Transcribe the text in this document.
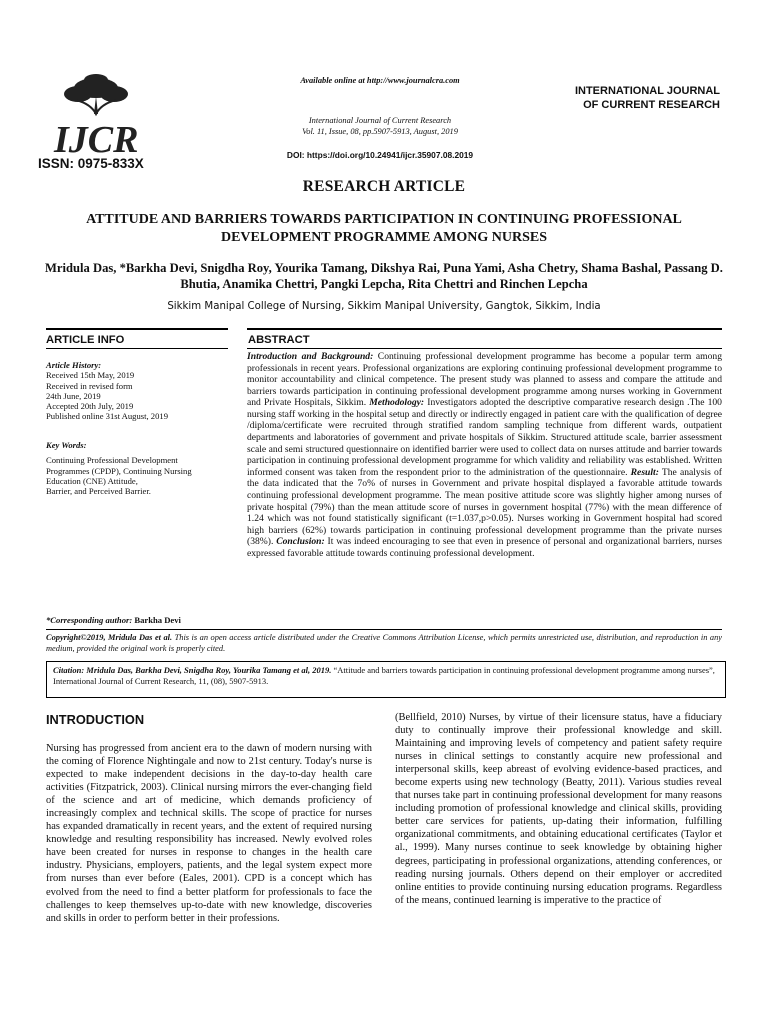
IJCR
ISSN: 0975-833X
Available online at http://www.journalcra.com
International Journal of Current Research
Vol. 11, Issue, 08, pp.5907-5913, August, 2019
DOI: https://doi.org/10.24941/ijcr.35907.08.2019
INTERNATIONAL JOURNAL
OF CURRENT RESEARCH
RESEARCH ARTICLE
ATTITUDE AND BARRIERS TOWARDS PARTICIPATION IN CONTINUING PROFESSIONAL DEVELOPMENT PROGRAMME AMONG NURSES
Mridula Das, *Barkha Devi, Snigdha Roy, Yourika Tamang, Dikshya Rai, Puna Yami, Asha Chetry, Shama Bashal, Passang D. Bhutia, Anamika Chettri, Pangki Lepcha, Rita Chettri and Rinchen Lepcha
Sikkim Manipal College of Nursing, Sikkim Manipal University, Gangtok, Sikkim, India
ARTICLE INFO	ABSTRACT
Article History:
Received 15th May, 2019
Received in revised form
24th June, 2019
Accepted 20th July, 2019
Published online 31st August, 2019
Key Words:
Continuing Professional Development
Programmes (CPDP), Continuing Nursing
Education (CNE) Attitude,
Barrier, and Perceived Barrier.
*Corresponding author: Barkha Devi
Introduction and Background: Continuing professional development programme has become a popular term among professionals in recent years. Professional organizations are exploring continuing professional development programme to monitor accountability and clinical competence. The present study was planned to assess and compare the attitude and barriers towards participation in continuing professional development programme among nurses working in Government and Private Hospitals, Sikkim. Methodology: Investigators adopted the descriptive comparative research design .The 100 nursing staff working in the hospital setup and directly or indirectly engaged in patient care with the qualification of degree /diploma/certificate were recruited through stratified random sampling technique from different wards, outpatient departments and laboratories of government and private hospitals of Sikkim. Structured attitude scale, barrier assessment scale and semi structured questionnaire on identified barrier were used to collect data on nurses attitude and barrier towards participation in continuing professional development programme for which validity and reliability was established. Written informed consent was taken from the respondent prior to the administration of the questionnaire. Result: The analysis of the data indicated that the 7o% of nurses in Government and private hospital displayed a favorable attitude towards continuing professional development programme. The mean positive attitude score was slightly higher among nurses of private hospital (79%) than the mean attitude score of nurses in government hospital (77%) with the mean difference of 1.24 which was not found statistically significant (t=1.037,p>0.05). Nurses working in Government hospital had scored high barriers (62%) towards participation in continuing professional development programme than the private nurses (38%). Conclusion: It was indeed encouraging to see that even in presence of personal and organizational barriers, nurses expressed favorable attitude towards continuing professional development.
Copyright©2019, Mridula Das et al. This is an open access article distributed under the Creative Commons Attribution License, which permits unrestricted use, distribution, and reproduction in any medium, provided the original work is properly cited.
Citation: Mridula Das, Barkha Devi, Snigdha Roy, Yourika Tamang et al, 2019. “Attitude and barriers towards participation in continuing professional development programme among nurses”, International Journal of Current Research, 11, (08), 5907-5913.
INTRODUCTION
Nursing has progressed from ancient era to the dawn of modern nursing with the coming of Florence Nightingale and now to 21st century. Today's nurse is expected to make independent decisions in the day-to-day health care activities (Fitzpatrick, 2003). Clinical nursing mirrors the ever-changing field of the science and art of medicine, which demands proficiency of increasingly complex and technical skills. The scope of practice for nurses has expanded dramatically in recent years, and the extent of required nursing knowledge and resulting responsibility has increased. Newly evolved roles have been created for nurses in response to changes in the health care industry. Physicians, employers, patients, and the legal system expect more from nurses than ever before (Eales, 2001). CPD is a concept which has evolved from the need to find a better platform for professionals to face the challenges to keep themselves up-to-date with new knowledge, discoveries and skills in order to perform better in their professions.
(Bellfield, 2010) Nurses, by virtue of their licensure status, have a fiduciary duty to continually improve their professional knowledge and skill. Maintaining and improving levels of competency and patient safety require nurses in clinical settings to constantly acquire new professional and interpersonal skills, keep abreast of evolving evidence-based practices, and become experts using new technology (Beatty, 2011). Various studies reveal that nurses take part in continuing professional development for many reasons including promotion of professional knowledge and clinical skills, providing better care services for patients, up-dating their information, fulfilling organizational commitments, and obtaining educational certificates (Taylor et al., 1999). Many nurses continue to seek knowledge by obtaining higher degrees, participating in professional organizations, attending conferences, or reading nursing journals. Others depend on their employer or accredited online entities to provide continuing nursing education programs. Regardless of the means, continued learning is imperative to the practice of
